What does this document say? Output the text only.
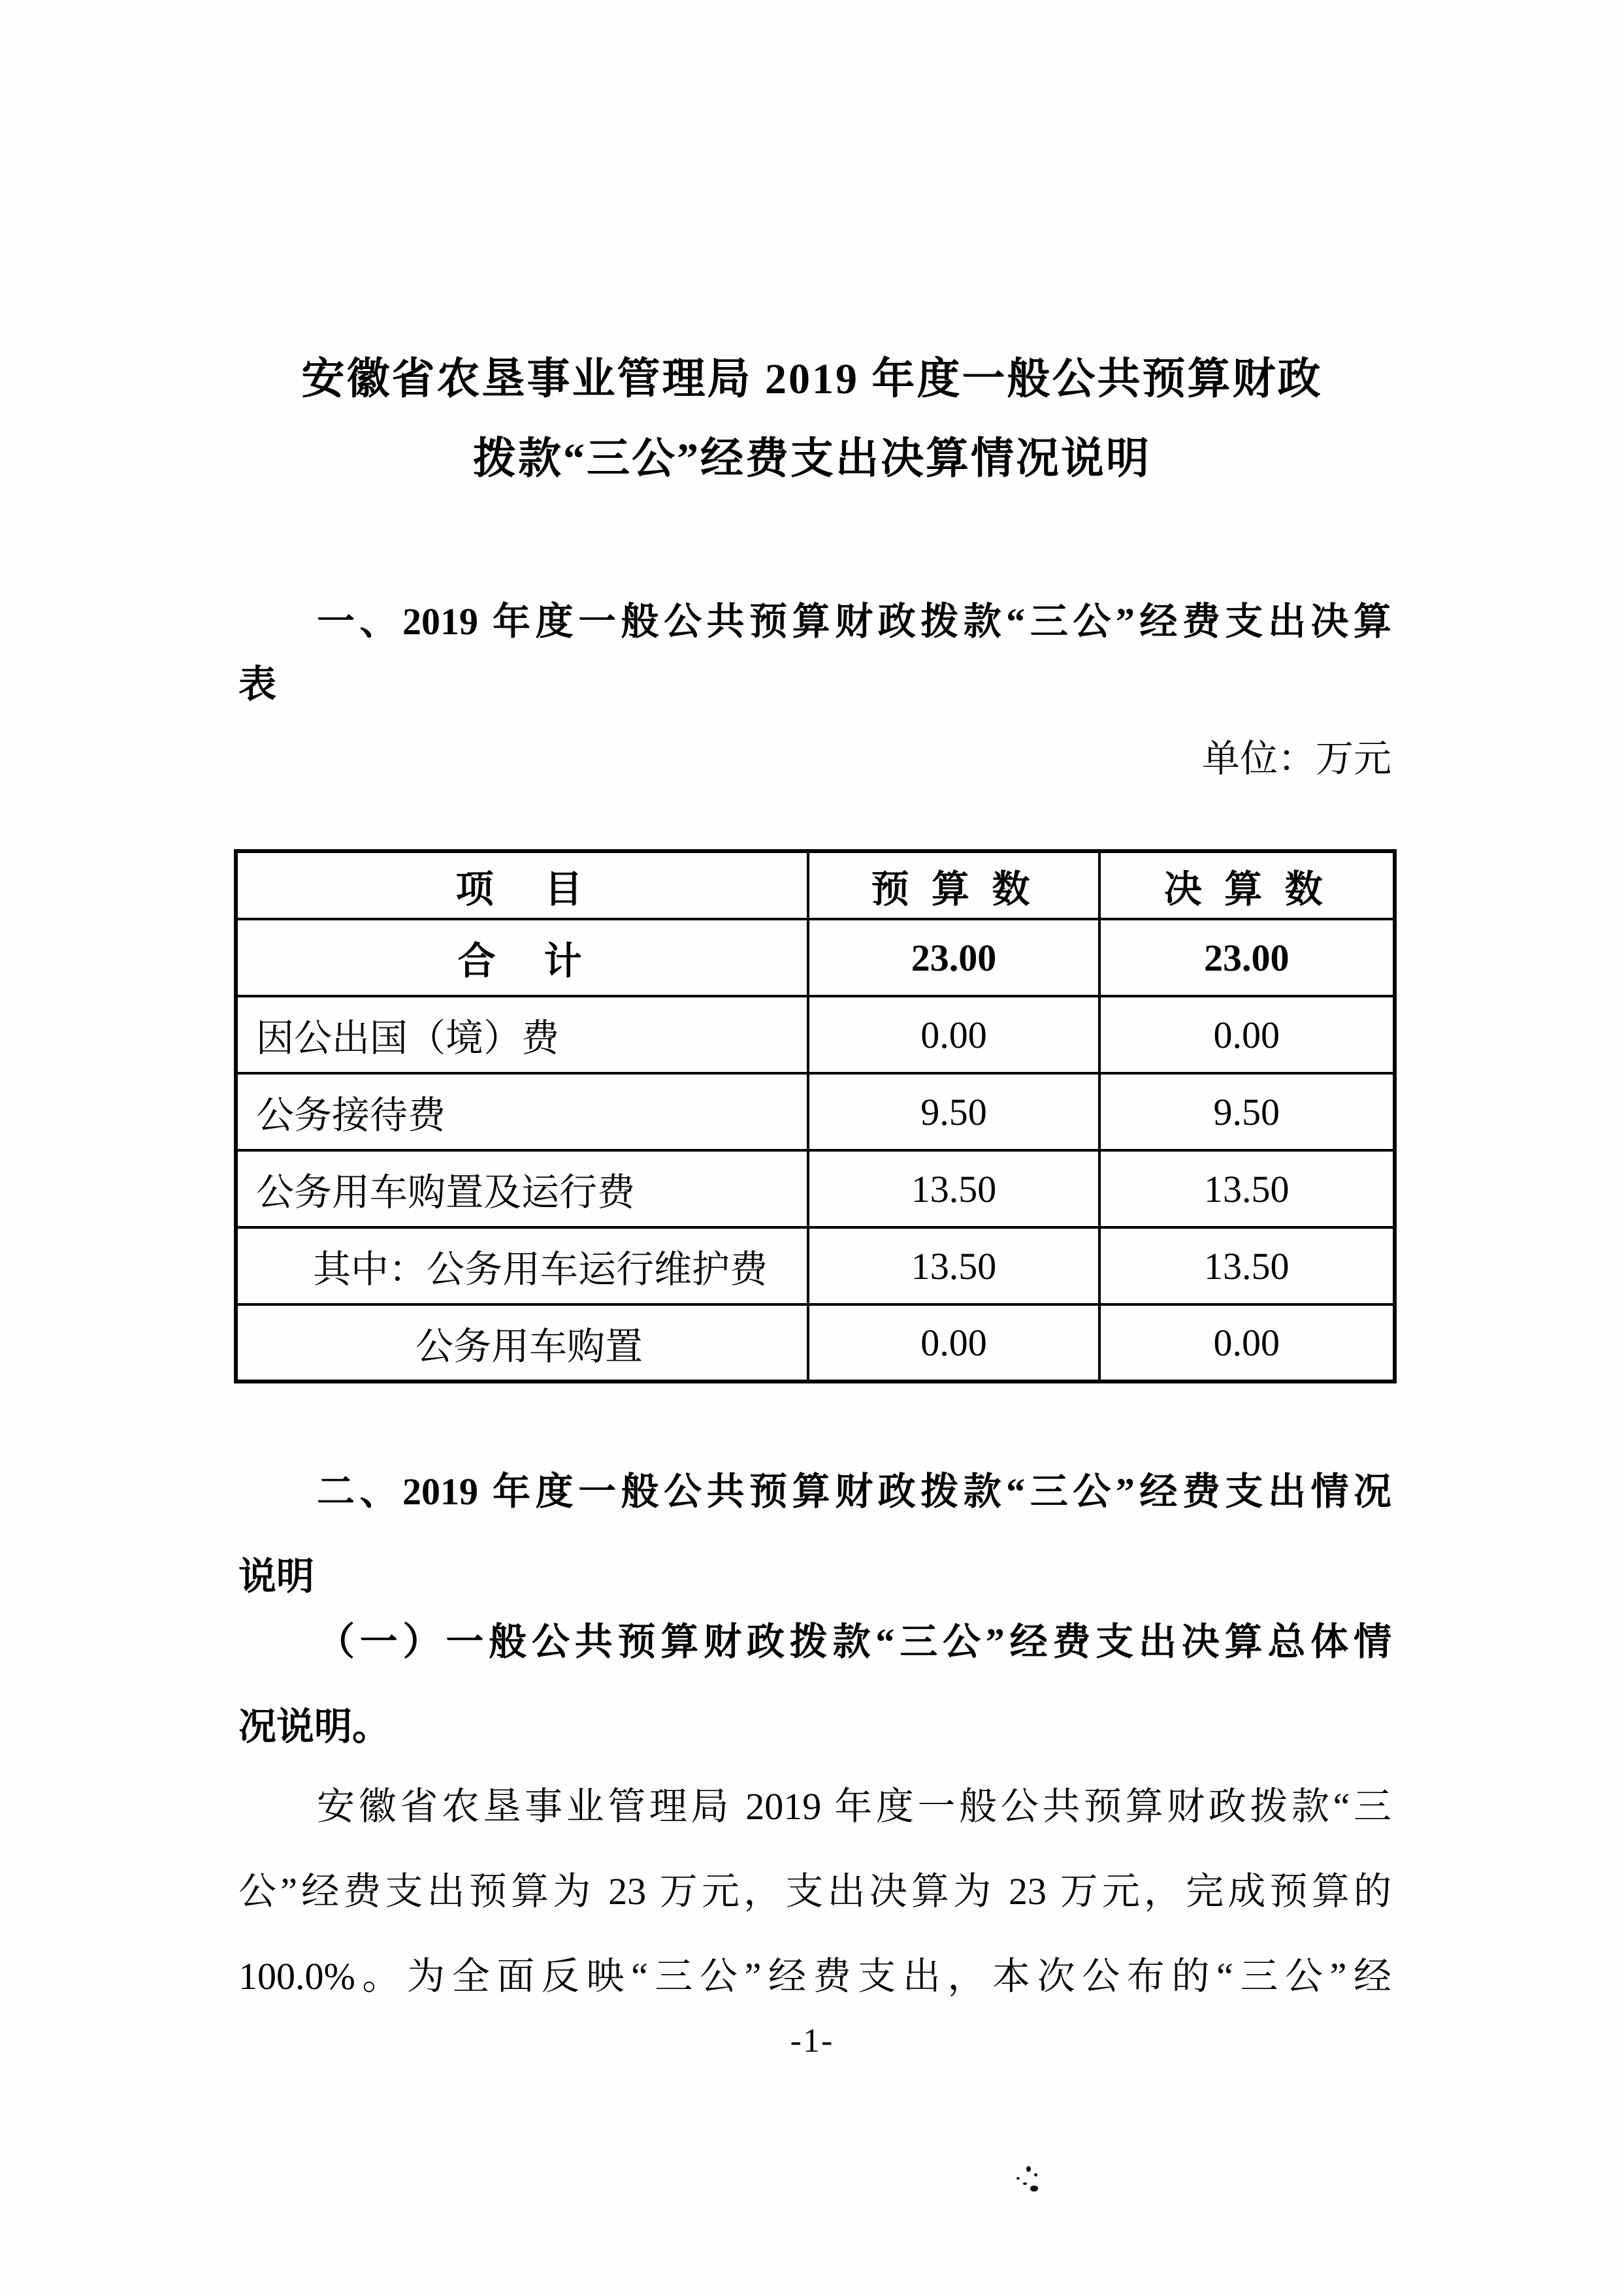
安徽省农垦事业管理局 2019 年度一般公共预算财政
拨款“三公”经费支出决算情况说明
一、2019 年度一般公共预算财政拨款“三公”经费支出决算
表
单位：万元
项　目	预 算 数	决 算 数
合　计	23.00	23.00
因公出国（境）费	0.00	0.00
公务接待费	9.50	9.50
公务用车购置及运行费	13.50	13.50
其中：公务用车运行维护费	13.50	13.50
公务用车购置	0.00	0.00
二、2019 年度一般公共预算财政拨款“三公”经费支出情况
说明
（一）一般公共预算财政拨款“三公”经费支出决算总体情
况说明。
安徽省农垦事业管理局 2019 年度一般公共预算财政拨款“三
公”经费支出预算为 23 万元，支出决算为 23 万元，完成预算的
100.0%。为全面反映“三公”经费支出，本次公布的“三公”经
-1-
